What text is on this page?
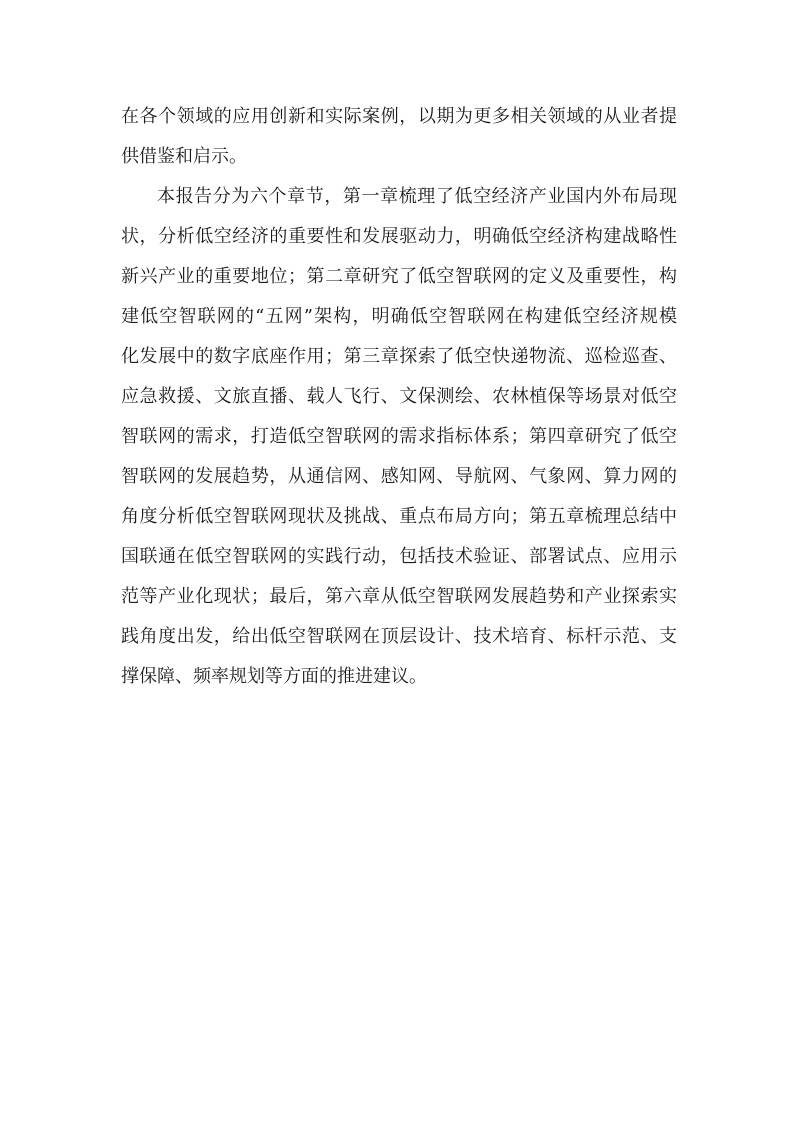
在各个领域的应用创新和实际案例，以期为更多相关领域的从业者提
供借鉴和启示。
本报告分为六个章节，第一章梳理了低空经济产业国内外布局现
状，分析低空经济的重要性和发展驱动力，明确低空经济构建战略性
新兴产业的重要地位；第二章研究了低空智联网的定义及重要性，构
建低空智联网的“五网”架构，明确低空智联网在构建低空经济规模
化发展中的数字底座作用；第三章探索了低空快递物流、巡检巡查、
应急救援、文旅直播、载人飞行、文保测绘、农林植保等场景对低空
智联网的需求，打造低空智联网的需求指标体系；第四章研究了低空
智联网的发展趋势，从通信网、感知网、导航网、气象网、算力网的
角度分析低空智联网现状及挑战、重点布局方向；第五章梳理总结中
国联通在低空智联网的实践行动，包括技术验证、部署试点、应用示
范等产业化现状；最后，第六章从低空智联网发展趋势和产业探索实
践角度出发，给出低空智联网在顶层设计、技术培育、标杆示范、支
撑保障、频率规划等方面的推进建议。
